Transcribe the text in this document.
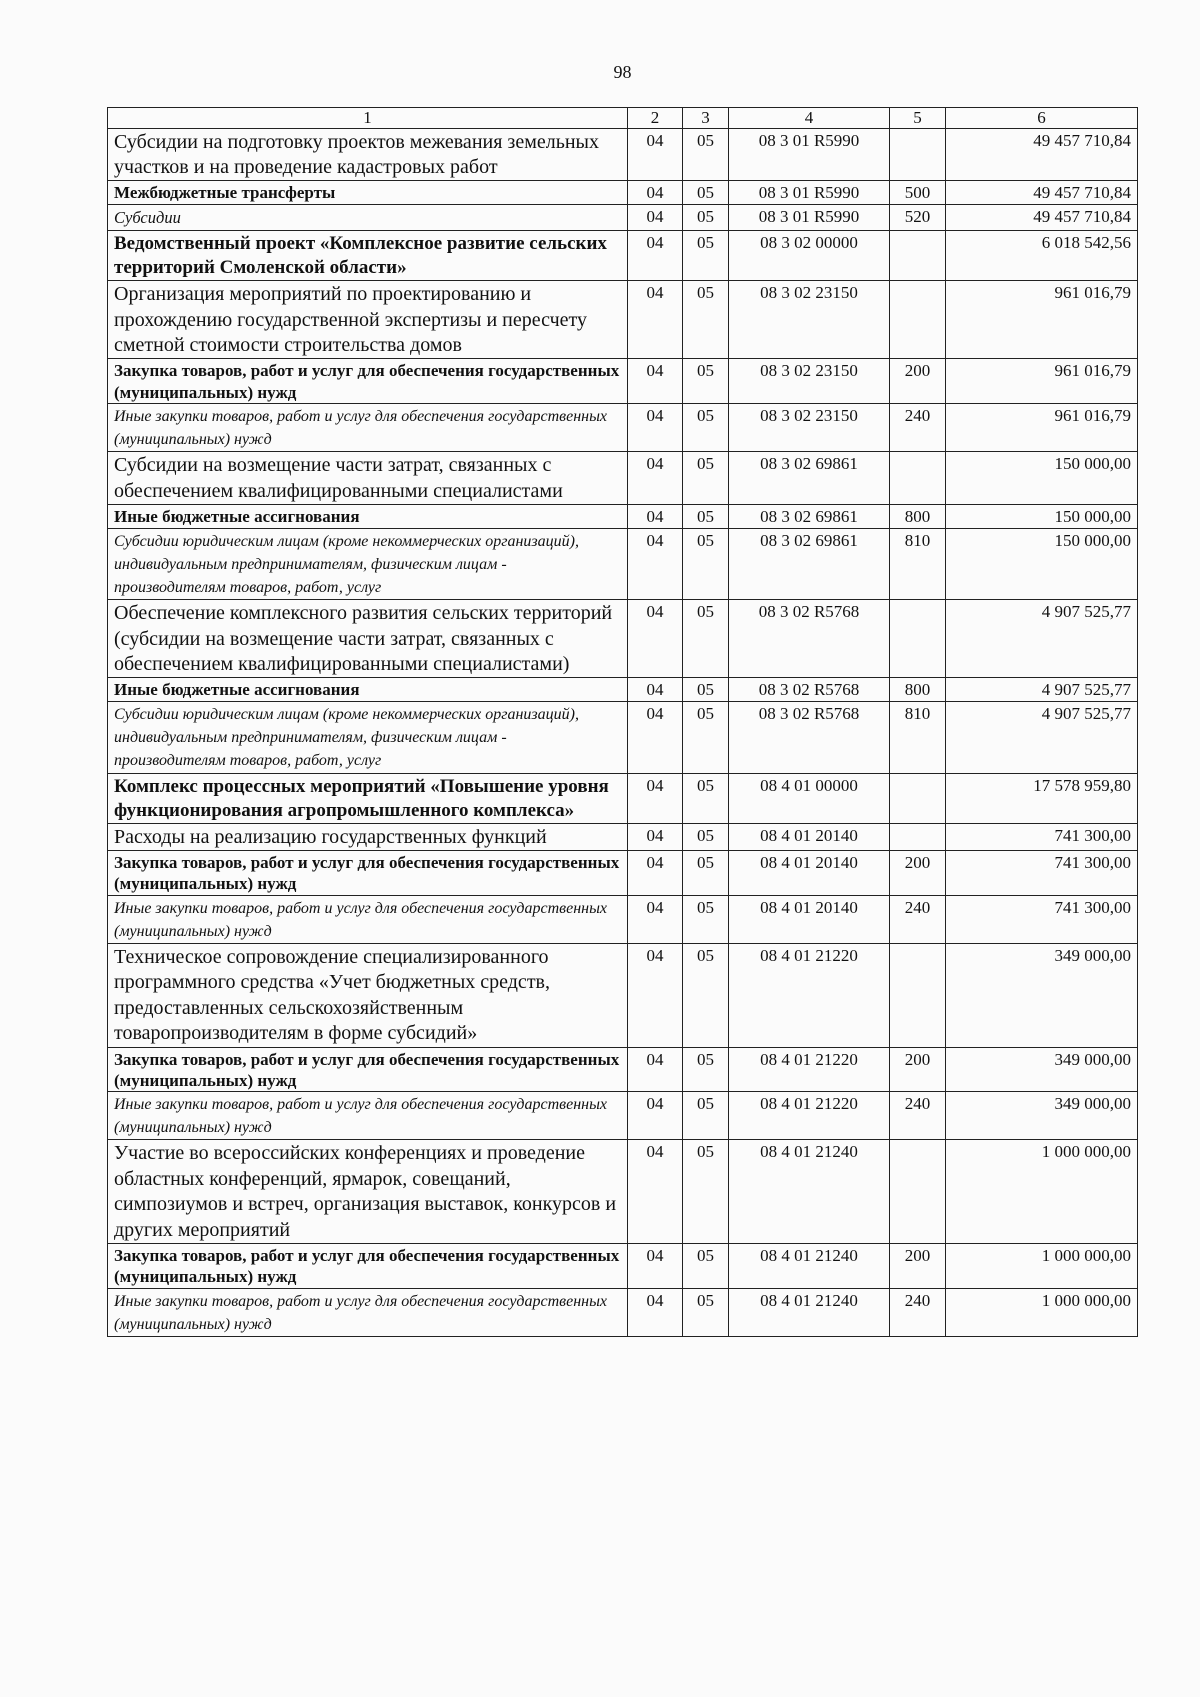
98
1	2	3	4	5	6
Субсидии на подготовку проектов межевания земельных участков и на проведение кадастровых работ	04	05	08 3 01 R5990		49 457 710,84
Межбюджетные трансферты	04	05	08 3 01 R5990	500	49 457 710,84
Субсидии	04	05	08 3 01 R5990	520	49 457 710,84
Ведомственный проект «Комплексное развитие сельских территорий Смоленской области»	04	05	08 3 02 00000		6 018 542,56
Организация мероприятий по проектированию и прохождению государственной экспертизы и пересчету сметной стоимости строительства домов	04	05	08 3 02 23150		961 016,79
Закупка товаров, работ и услуг для обеспечения государственных (муниципальных) нужд	04	05	08 3 02 23150	200	961 016,79
Иные закупки товаров, работ и услуг для обеспечения государственных (муниципальных) нужд	04	05	08 3 02 23150	240	961 016,79
Субсидии на возмещение части затрат, связанных с обеспечением квалифицированными специалистами	04	05	08 3 02 69861		150 000,00
Иные бюджетные ассигнования	04	05	08 3 02 69861	800	150 000,00
Субсидии юридическим лицам (кроме некоммерческих организаций), индивидуальным предпринимателям, физическим лицам - производителям товаров, работ, услуг	04	05	08 3 02 69861	810	150 000,00
Обеспечение комплексного развития сельских территорий (субсидии на возмещение части затрат, связанных с обеспечением квалифицированными специалистами)	04	05	08 3 02 R5768		4 907 525,77
Иные бюджетные ассигнования	04	05	08 3 02 R5768	800	4 907 525,77
Субсидии юридическим лицам (кроме некоммерческих организаций), индивидуальным предпринимателям, физическим лицам - производителям товаров, работ, услуг	04	05	08 3 02 R5768	810	4 907 525,77
Комплекс процессных мероприятий «Повышение уровня функционирования агропромышленного комплекса»	04	05	08 4 01 00000		17 578 959,80
Расходы на реализацию государственных функций	04	05	08 4 01 20140		741 300,00
Закупка товаров, работ и услуг для обеспечения государственных (муниципальных) нужд	04	05	08 4 01 20140	200	741 300,00
Иные закупки товаров, работ и услуг для обеспечения государственных (муниципальных) нужд	04	05	08 4 01 20140	240	741 300,00
Техническое сопровождение специализированного программного средства «Учет бюджетных средств, предоставленных сельскохозяйственным товаропроизводителям в форме субсидий»	04	05	08 4 01 21220		349 000,00
Закупка товаров, работ и услуг для обеспечения государственных (муниципальных) нужд	04	05	08 4 01 21220	200	349 000,00
Иные закупки товаров, работ и услуг для обеспечения государственных (муниципальных) нужд	04	05	08 4 01 21220	240	349 000,00
Участие во всероссийских конференциях и проведение областных конференций, ярмарок, совещаний, симпозиумов и встреч, организация выставок, конкурсов и других мероприятий	04	05	08 4 01 21240		1 000 000,00
Закупка товаров, работ и услуг для обеспечения государственных (муниципальных) нужд	04	05	08 4 01 21240	200	1 000 000,00
Иные закупки товаров, работ и услуг для обеспечения государственных (муниципальных) нужд	04	05	08 4 01 21240	240	1 000 000,00
